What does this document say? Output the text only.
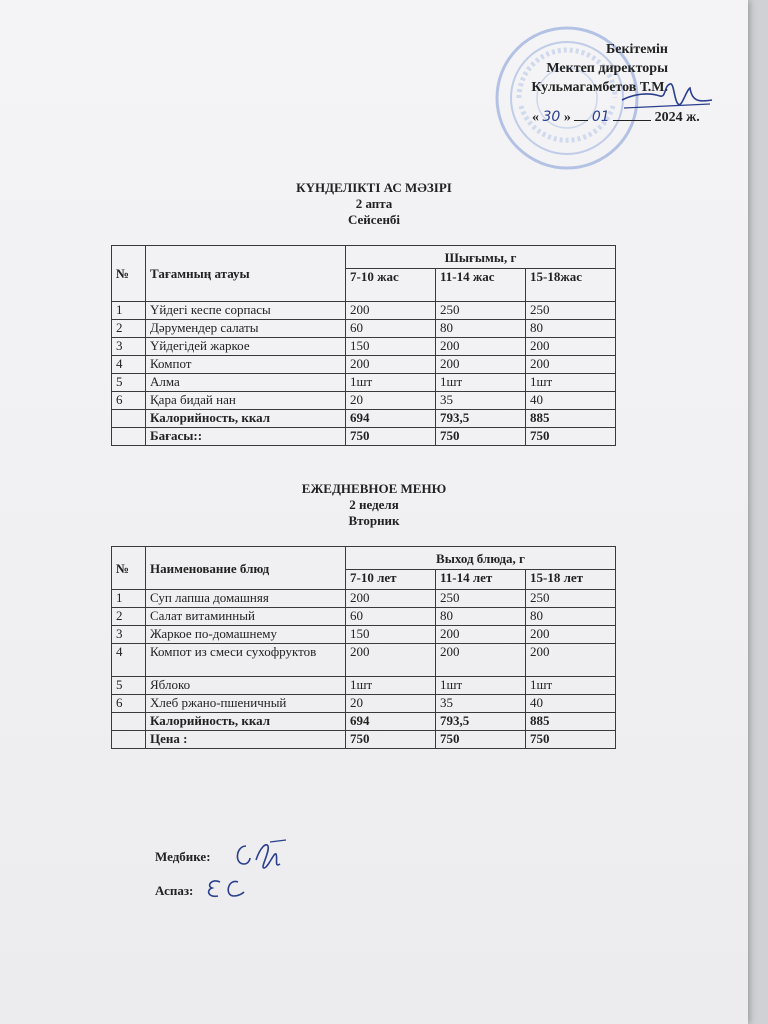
Бекітемін
Мектеп директоры
Кульмагамбетов Т.М.
« 30 » 01	2024 ж.
КҮНДЕЛІКТІ АС МӘЗІРІ
2 апта
Сейсенбі
№	Тағамның атауы	Шығымы, г		
		7-10 жас	11-14 жас	15-18жас
1	Үйдегі кеспе сорпасы	200	250	250
2	Дәрумендер салаты	60	80	80
3	Үйдегідей жаркое	150	200	200
4	Компот	200	200	200
5	Алма	1шт	1шт	1шт
6	Қара бидай нан	20	35	40
	Калорийность, ккал	694	793,5	885
	Бағасы::	750	750	750
ЕЖЕДНЕВНОЕ МЕНЮ
2 неделя
Вторник
№	Наименование блюд	Выход блюда, г		
		7-10 лет	11-14 лет	15-18 лет
1	Суп лапша домашняя	200	250	250
2	Салат витаминный	60	80	80
3	Жаркое по-домашнему	150	200	200
4	Компот из смеси сухофруктов	200	200	200
5	Яблоко	1шт	1шт	1шт
6	Хлеб ржано-пшеничный	20	35	40
	Калорийность, ккал	694	793,5	885
	Цена :	750	750	750
Медбике:
Аспаз:
